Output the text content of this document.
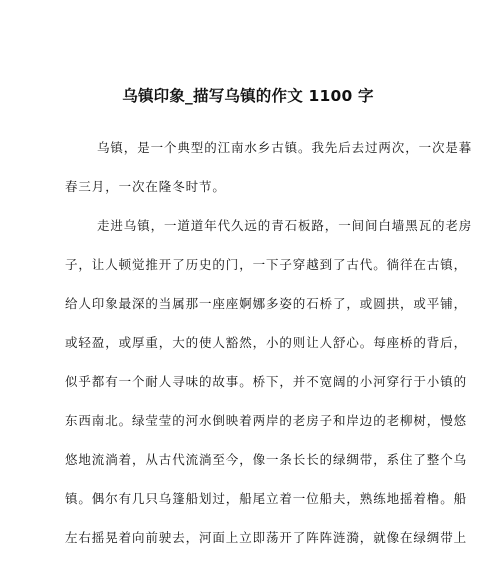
乌镇印象_描写乌镇的作文 1100 字
乌镇，是一个典型的江南水乡古镇。我先后去过两次，一次是暮
春三月，一次在隆冬时节。
走进乌镇，一道道年代久远的青石板路，一间间白墙黑瓦的老房
子，让人顿觉推开了历史的门，一下子穿越到了古代。徜徉在古镇，
给人印象最深的当属那一座座婀娜多姿的石桥了，或圆拱，或平铺，
或轻盈，或厚重，大的使人豁然，小的则让人舒心。每座桥的背后，
似乎都有一个耐人寻味的故事。桥下，并不宽阔的小河穿行于小镇的
东西南北。绿莹莹的河水倒映着两岸的老房子和岸边的老柳树，慢悠
悠地流淌着，从古代流淌至今，像一条长长的绿绸带，系住了整个乌
镇。偶尔有几只乌篷船划过，船尾立着一位船夫，熟练地摇着橹。船
左右摇晃着向前驶去，河面上立即荡开了阵阵涟漪，就像在绿绸带上
